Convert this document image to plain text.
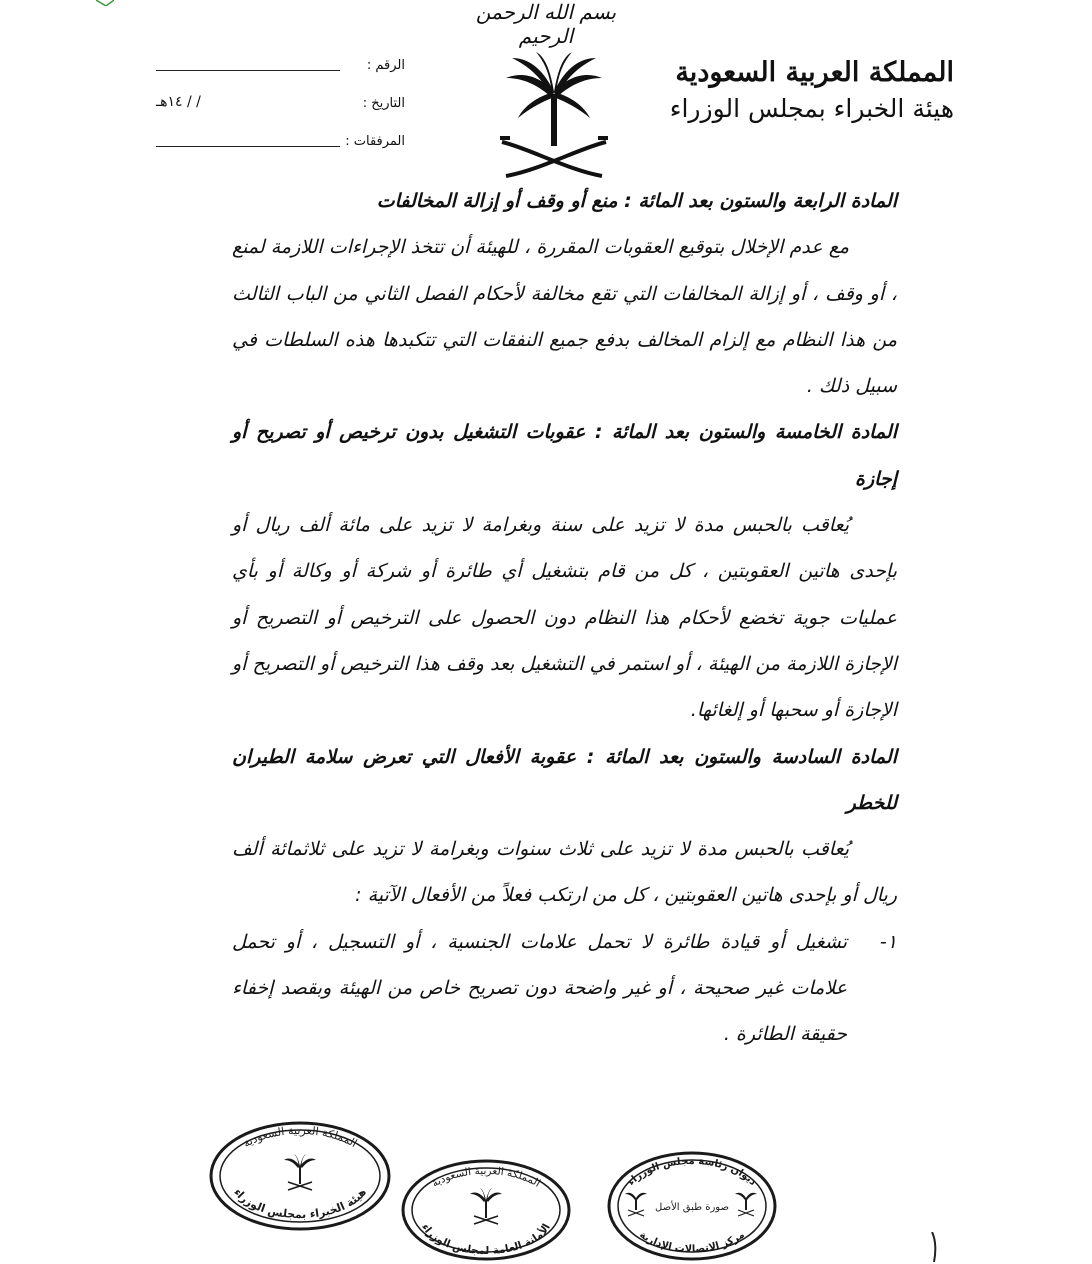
بسم الله الرحمن الرحيم
المملكة العربية السعودية
هيئة الخبراء بمجلس الوزراء
الرقم :
التاريخ :
/ / ١٤هـ
المرفقات :

المادة الرابعة والستون بعد المائة : منع أو وقف أو إزالة المخالفات

مع عدم الإخلال بتوقيع العقوبات المقررة ، للهيئة أن تتخذ الإجراءات اللازمة لمنع ، أو وقف ، أو إزالة المخالفات التي تقع مخالفة لأحكام الفصل الثاني من الباب الثالث من هذا النظام مع إلزام المخالف بدفع جميع النفقات التي تتكبدها هذه السلطات في سبيل ذلك .

المادة الخامسة والستون بعد المائة : عقوبات التشغيل بدون ترخيص أو تصريح أو إجازة

يُعاقب بالحبس مدة لا تزيد على سنة وبغرامة لا تزيد على مائة ألف ريال أو بإحدى هاتين العقوبتين ، كل من قام بتشغيل أي طائرة أو شركة أو وكالة أو بأي عمليات جوية تخضع لأحكام هذا النظام دون الحصول على الترخيص أو التصريح أو الإجازة اللازمة من الهيئة ، أو استمر في التشغيل بعد وقف هذا الترخيص أو التصريح أو الإجازة أو سحبها أو إلغائها.

المادة السادسة والستون بعد المائة : عقوبة الأفعال التي تعرض سلامة الطيران للخطر

يُعاقب بالحبس مدة لا تزيد على ثلاث سنوات وبغرامة لا تزيد على ثلاثمائة ألف ريال أو بإحدى هاتين العقوبتين ، كل من ارتكب فعلاً من الأفعال الآتية :

١-
تشغيل أو قيادة طائرة لا تحمل علامات الجنسية ، أو التسجيل ، أو تحمل علامات غير صحيحة ، أو غير واضحة دون تصريح خاص من الهيئة وبقصد إخفاء حقيقة الطائرة .
المملكة العربية السعودية
هيئة الخبراء بمجلس الوزراء
المملكة العربية السعودية
الأمانة العامة لمجلس الوزراء
ديوان رئاسة مجلس الوزراء
صورة طبق الأصل
مركز الاتصالات الإدارية
